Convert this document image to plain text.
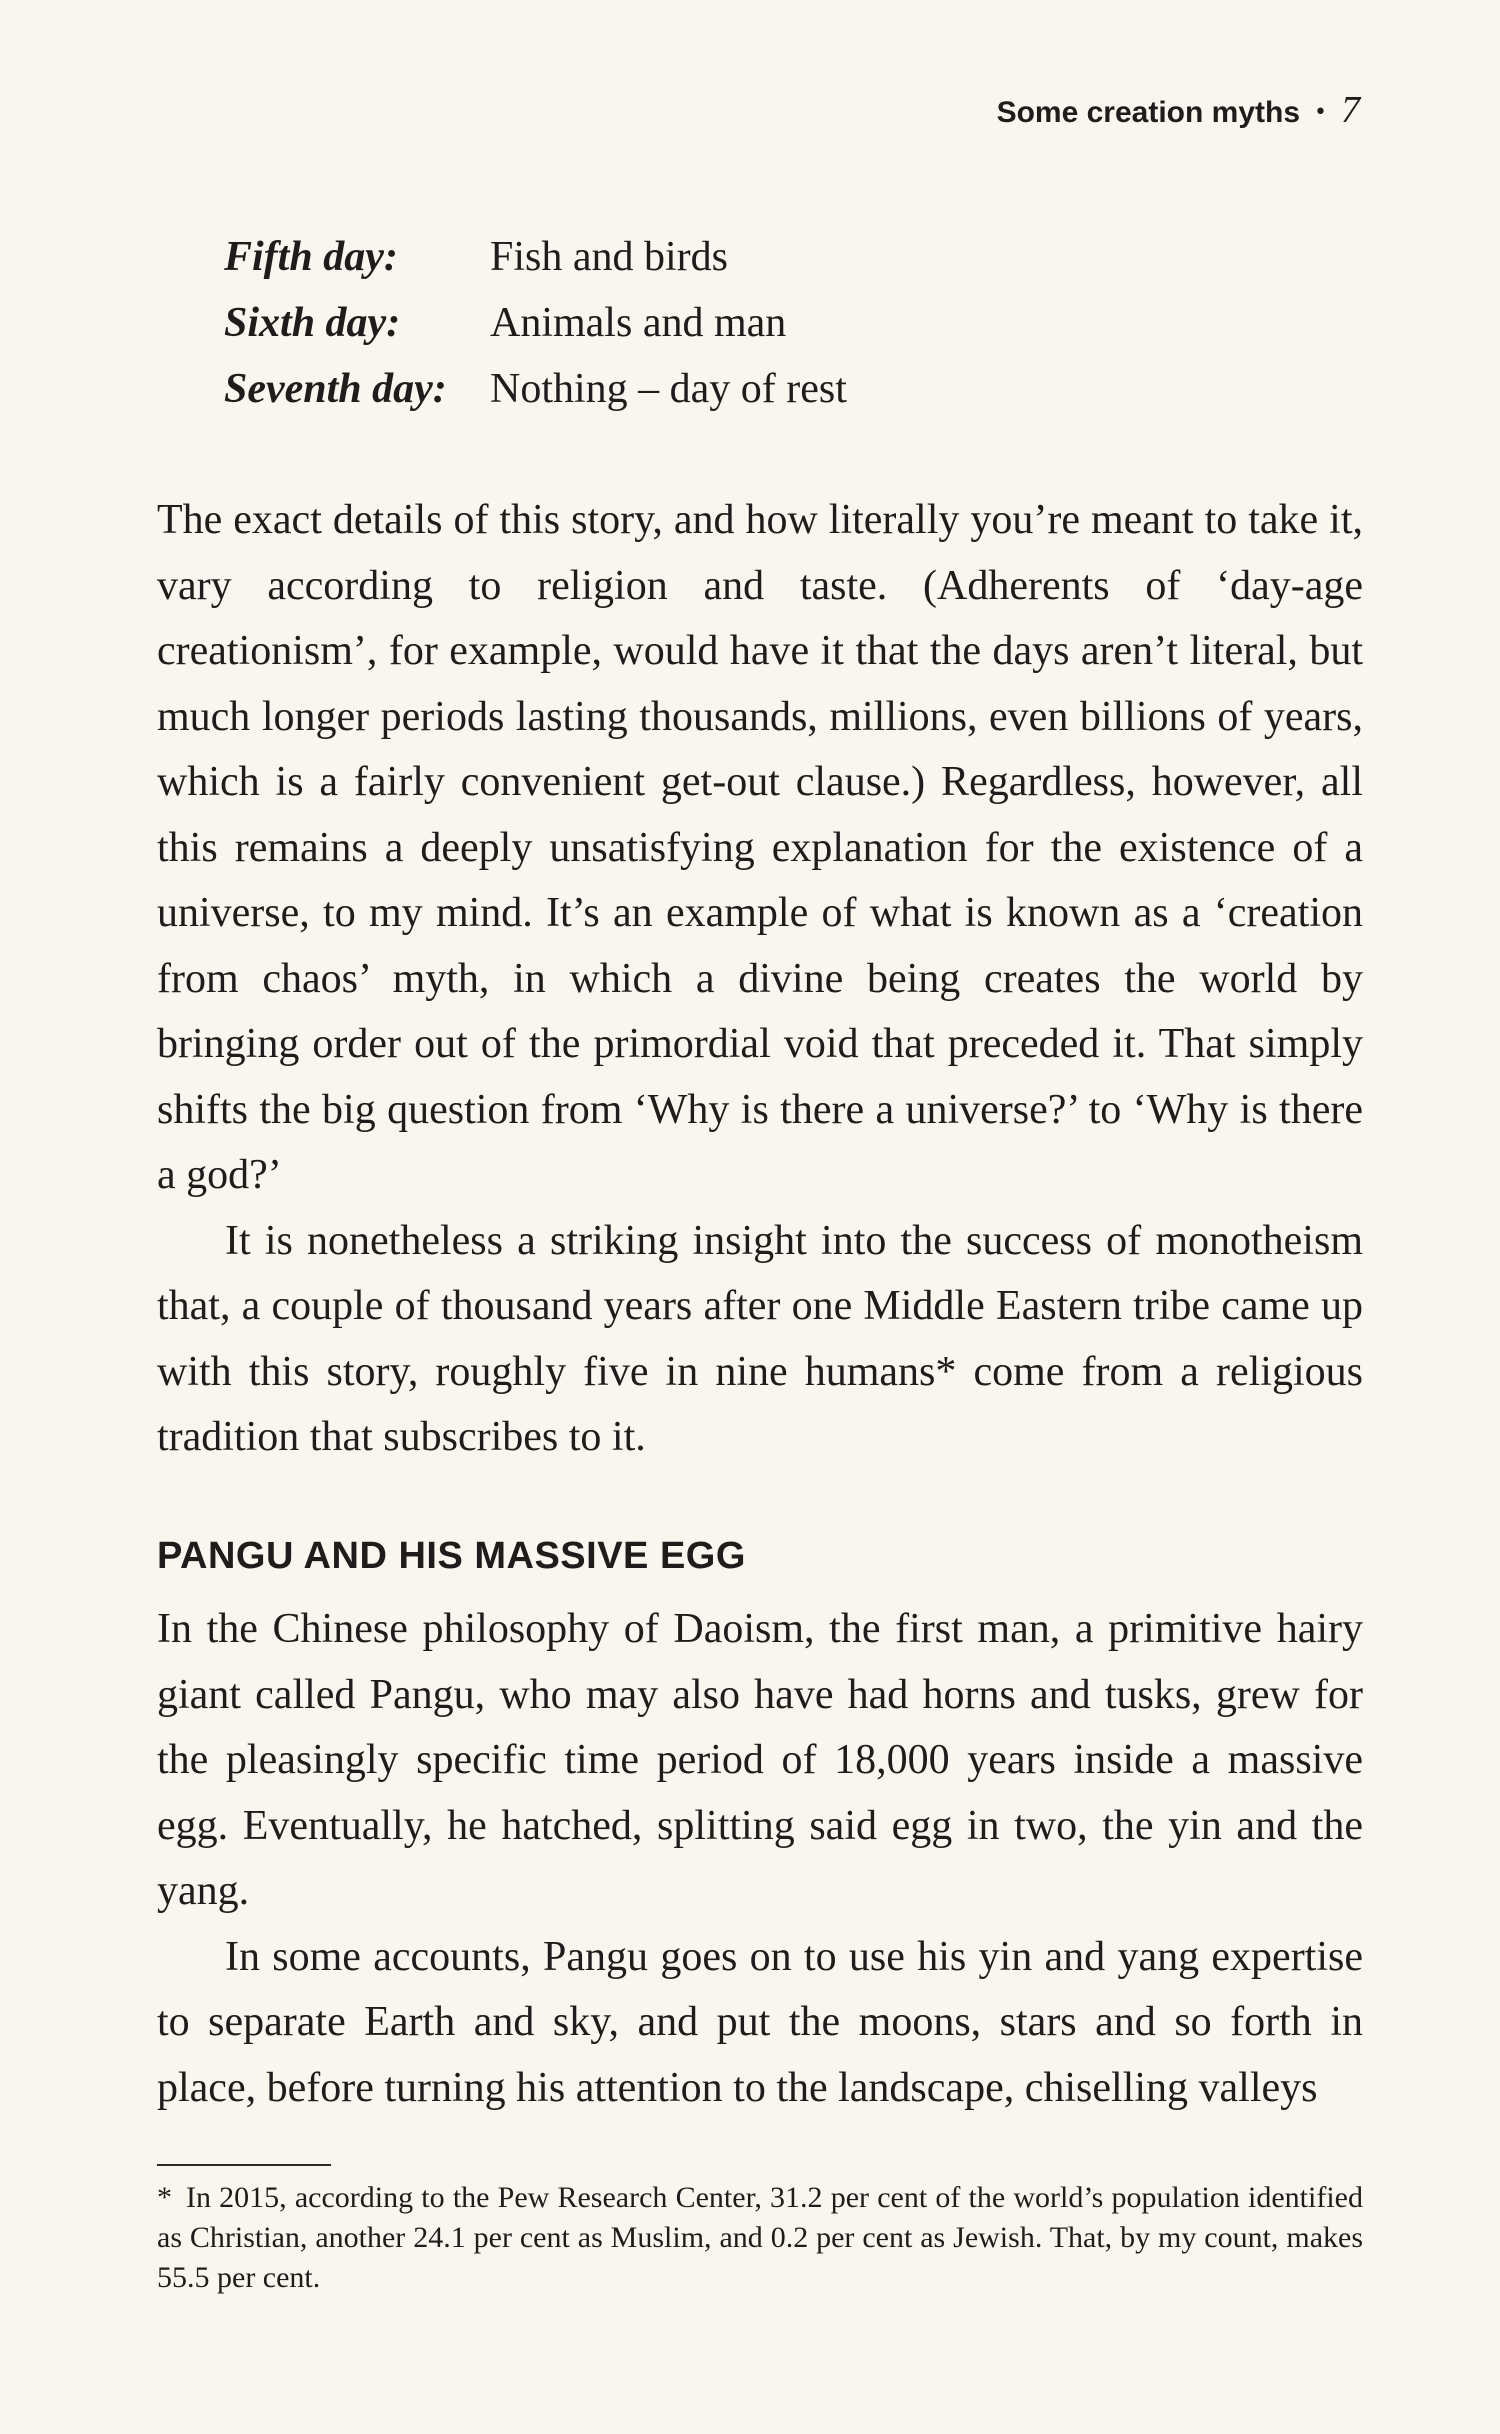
Some creation myths • 7
Fifth day:	Fish and birds
Sixth day:	Animals and man
Seventh day:	Nothing – day of rest

The exact details of this story, and how literally you’re meant to take it, vary according to religion and taste. (Adherents of ‘day-age creationism’, for example, would have it that the days aren’t literal, but much longer periods lasting thousands, millions, even billions of years, which is a fairly convenient get-out clause.) Regardless, however, all this remains a deeply unsatisfying explanation for the existence of a universe, to my mind. It’s an example of what is known as a ‘creation from chaos’ myth, in which a divine being creates the world by bringing order out of the primordial void that preceded it. That simply shifts the big question from ‘Why is there a universe?’ to ‘Why is there a god?’

It is nonetheless a striking insight into the success of monotheism that, a couple of thousand years after one Middle Eastern tribe came up with this story, roughly five in nine humans* come from a religious tradition that subscribes to it.

PANGU AND HIS MASSIVE EGG

In the Chinese philosophy of Daoism, the first man, a primitive hairy giant called Pangu, who may also have had horns and tusks, grew for the pleasingly specific time period of 18,000 years inside a massive egg. Eventually, he hatched, splitting said egg in two, the yin and the yang.

In some accounts, Pangu goes on to use his yin and yang expertise to separate Earth and sky, and put the moons, stars and so forth in place, before turning his attention to the landscape, chiselling valleys

* In 2015, according to the Pew Research Center, 31.2 per cent of the world’s population identified as Christian, another 24.1 per cent as Muslim, and 0.2 per cent as Jewish. That, by my count, makes 55.5 per cent.
